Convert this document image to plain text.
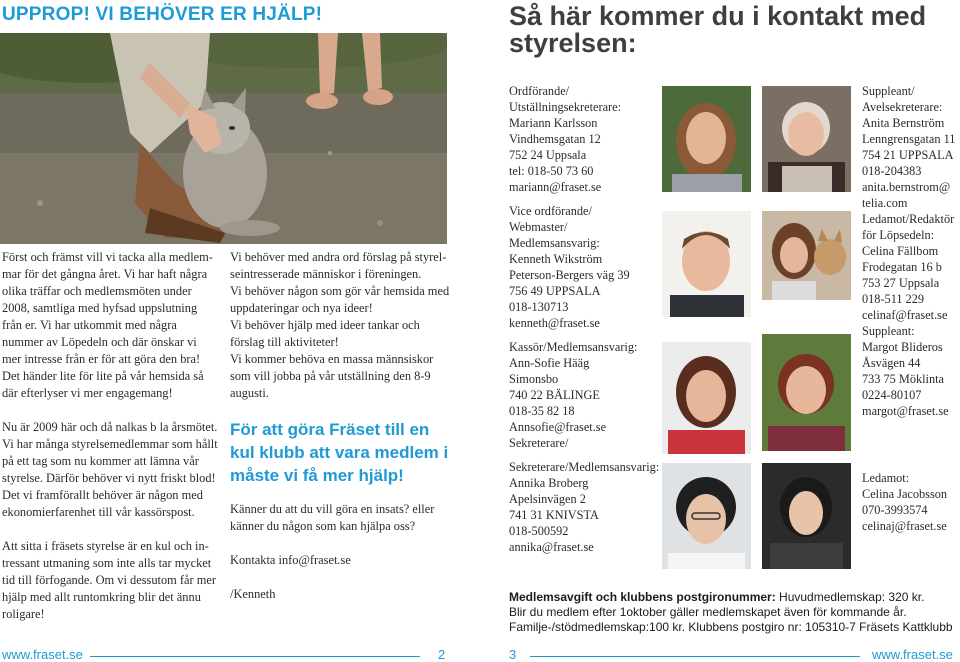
UPPROP! VI BEHÖVER ER HJÄLP!

Först och främst vill vi tacka alla medlem- mar för det gångna året. Vi har haft några olika träffar och medlemsmöten under 2008, samtliga med hyfsad uppslutning från er. Vi har utkommit med några nummer av Löpedeln och där önskar vi mer intresse från er för att göra den bra! Det händer lite för lite på vår hemsida så där efterlyser vi mer engagemang!

Nu är 2009 här och då nalkas b la årsmötet. Vi har många styrelsemedlemmar som hållt på ett tag som nu kommer att lämna vår styrelse. Därför behöver vi nytt friskt blod! Det vi framförallt behöver är någon med ekonomierfarenhet till vår kassörspost.

Att sitta i fräsets styrelse är en kul och in- tressant utmaning som inte alls tar mycket tid till förfogande. Om vi dessutom får mer hjälp med allt runtomkring blir det ännu roligare!

Vi behöver med andra ord förslag på styrel- seintresserade människor i föreningen.
Vi behöver någon som gör vår hemsida med uppdateringar och nya ideer!
Vi behöver hjälp med ideer tankar och förslag till aktiviteter!
Vi kommer behöva en massa männsiskor som vill jobba på vår utställning den 8-9 augusti.

För att göra Fräset till en kul klubb att vara medlem i måste vi få mer hjälp!

Känner du att du vill göra en insats? eller känner du någon som kan hjälpa oss?

Kontakta info@fraset.se

/Kenneth

Så här kommer du i kontakt med styrelsen:
Ordförande/
Utställningsekreterare:
Mariann Karlsson
Vindhemsgatan 12
752 24 Uppsala
tel: 018-50 73 60
mariann@fraset.se
Vice ordförande/
Webmaster/
Medlemsansvarig:
Kenneth Wikström
Peterson-Bergers väg 39
756 49 UPPSALA
018-130713
kenneth@fraset.se
Kassör/Medlemsansvarig:
Ann-Sofie Hääg
Simonsbo
740 22 BÄLINGE
018-35 82 18
Annsofie@fraset.se
Sekreterare/
Sekreterare/Medlemsansvarig:
Annika Broberg
Apelsinvägen 2
741 31 KNIVSTA
018-500592
annika@fraset.se
Suppleant/
Avelsekreterare:
Anita Bernström
Lenngrensgatan 11
754 21 UPPSALA
018-204383
anita.bernstrom@
telia.com
Ledamot/Redaktör
för Löpsedeln:
Celina Fällbom
Frodegatan 16 b
753 27 Uppsala
018-511 229
celinaf@fraset.se
Suppleant:
Margot Blideros
Åsvägen 44
733 75 Möklinta
0224-80107
margot@fraset.se
Ledamot:
Celina Jacobsson
070-3993574
celinaj@fraset.se
Medlemsavgift och klubbens postgironummer: Huvudmedlemskap: 320 kr.
Blir du medlem efter 1oktober gäller medlemskapet även för kommande år.
Familje-/stödmedlemskap:100 kr. Klubbens postgiro nr: 105310-7 Fräsets Kattklubb
www.fraset.se	2	3	www.fraset.se
